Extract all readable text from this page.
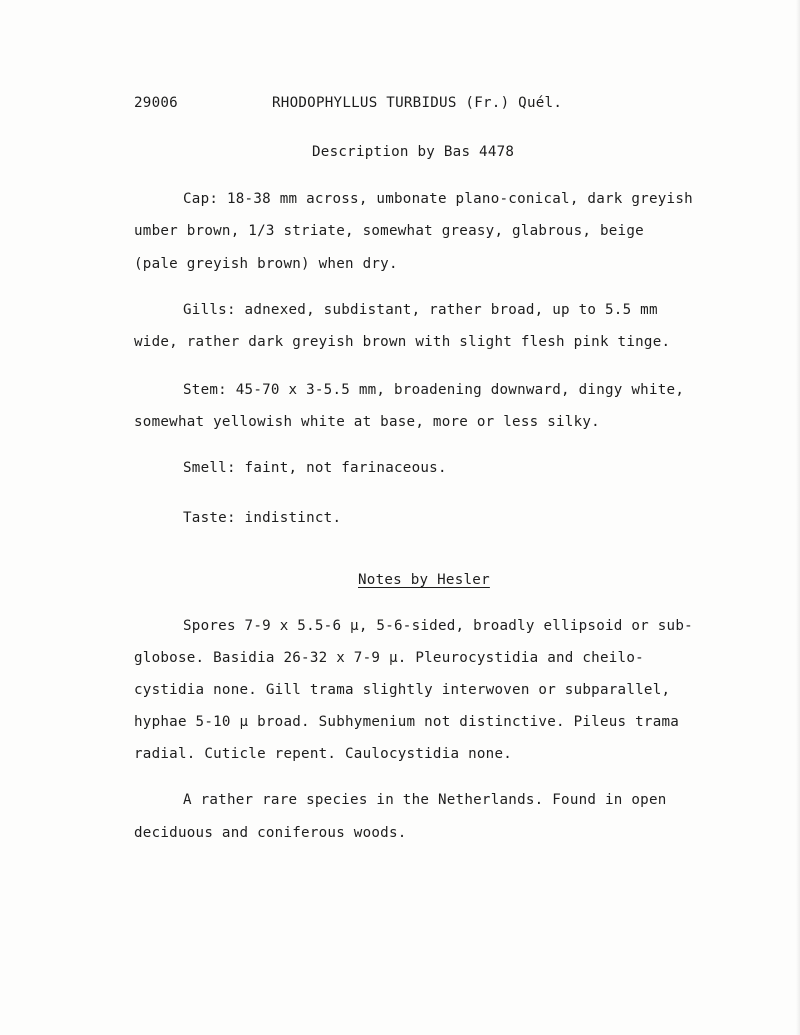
29006	RHODOPHYLLUS TURBIDUS (Fr.) Quél.
Description by Bas 4478
Cap: 18-38 mm across, umbonate plano-conical, dark greyish
umber brown, 1/3 striate, somewhat greasy, glabrous, beige
(pale greyish brown) when dry.
Gills: adnexed, subdistant, rather broad, up to 5.5 mm
wide, rather dark greyish brown with slight flesh pink tinge.
Stem: 45-70 x 3-5.5 mm, broadening downward, dingy white,
somewhat yellowish white at base, more or less silky.
Smell: faint, not farinaceous.
Taste: indistinct.
Notes by Hesler
Spores 7-9 x 5.5-6 µ, 5-6-sided, broadly ellipsoid or sub-
globose. Basidia 26-32 x 7-9 µ. Pleurocystidia and cheilo-
cystidia none. Gill trama slightly interwoven or subparallel,
hyphae 5-10 µ broad. Subhymenium not distinctive. Pileus trama
radial. Cuticle repent. Caulocystidia none.
A rather rare species in the Netherlands. Found in open
deciduous and coniferous woods.
